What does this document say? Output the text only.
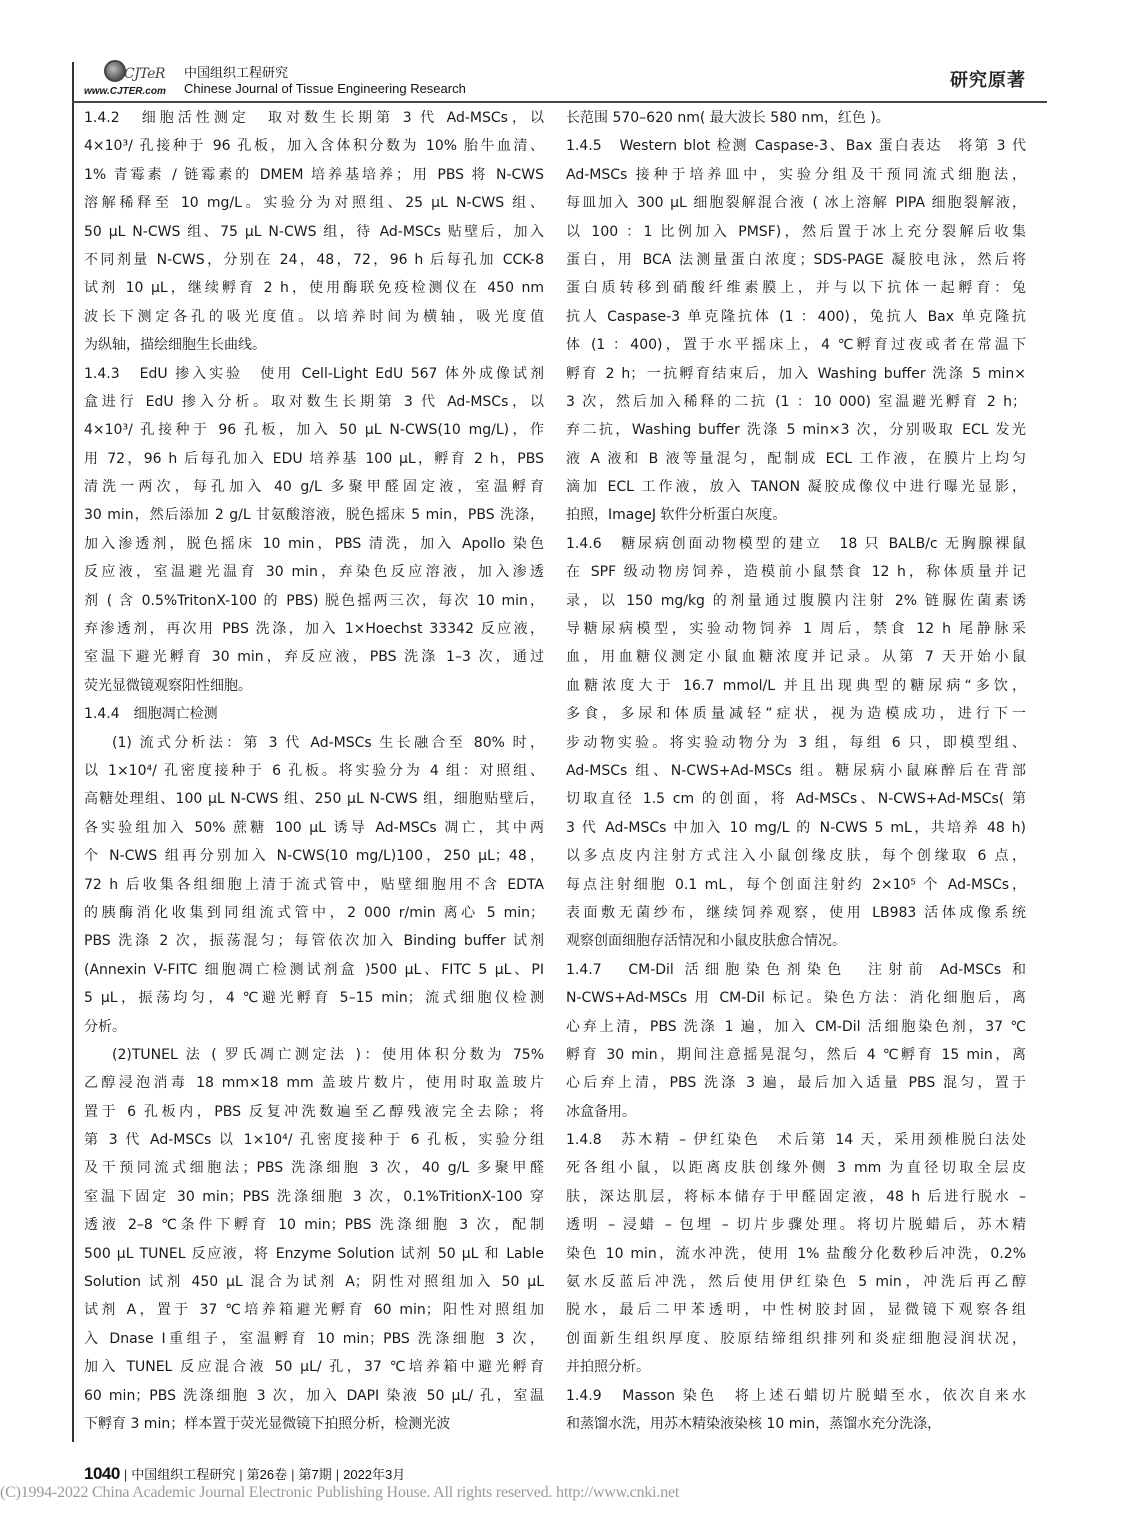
CJTeR
www.CJTER.com
中国组织工程研究
Chinese Journal of Tissue Engineering Research	研究原著
1.4.2　细胞活性测定　取对数生长期第 3 代 Ad-MSCs，以
4×10³/ 孔接种于 96 孔板，加入含体积分数为 10% 胎牛血清、
1% 青霉素 / 链霉素的 DMEM 培养基培养；用 PBS 将 N-CWS
溶解稀释至 10 mg/L。实验分为对照组、25 μL N-CWS 组、
50 μL N-CWS 组、75 μL N-CWS 组，待 Ad-MSCs 贴壁后，加入
不同剂量 N-CWS，分别在 24，48，72，96 h 后每孔加 CCK-8
试剂 10 μL，继续孵育 2 h，使用酶联免疫检测仪在 450 nm
波长下测定各孔的吸光度值。以培养时间为横轴，吸光度值
为纵轴，描绘细胞生长曲线。
1.4.3　EdU 掺入实验　使用 Cell-Light EdU 567 体外成像试剂
盒进行 EdU 掺入分析。取对数生长期第 3 代 Ad-MSCs，以
4×10³/ 孔接种于 96 孔板，加入 50 μL N-CWS(10 mg/L)，作
用 72，96 h 后每孔加入 EDU 培养基 100 μL，孵育 2 h，PBS
清洗一两次，每孔加入 40 g/L 多聚甲醛固定液，室温孵育
30 min，然后添加 2 g/L 甘氨酸溶液，脱色摇床 5 min，PBS 洗涤，
加入渗透剂，脱色摇床 10 min，PBS 清洗，加入 Apollo 染色
反应液，室温避光温育 30 min，弃染色反应溶液，加入渗透
剂 ( 含 0.5%TritonX-100 的 PBS) 脱色摇两三次，每次 10 min，
弃渗透剂，再次用 PBS 洗涤，加入 1×Hoechst 33342 反应液，
室温下避光孵育 30 min，弃反应液，PBS 洗涤 1–3 次，通过
荧光显微镜观察阳性细胞。
1.4.4　细胞凋亡检测
(1) 流式分析法：第 3 代 Ad-MSCs 生长融合至 80% 时，
以 1×10⁴/ 孔密度接种于 6 孔板。将实验分为 4 组：对照组、
高糖处理组、100 μL N-CWS 组、250 μL N-CWS 组，细胞贴壁后，
各实验组加入 50% 蔗糖 100 μL 诱导 Ad-MSCs 凋亡，其中两
个 N-CWS 组再分别加入 N-CWS(10 mg/L)100，250 μL；48，
72 h 后收集各组细胞上清于流式管中，贴壁细胞用不含 EDTA
的胰酶消化收集到同组流式管中，2 000 r/min 离心 5 min；
PBS 洗涤 2 次，振荡混匀；每管依次加入 Binding buffer 试剂
(Annexin V-FITC 细胞凋亡检测试剂盒 )500 μL、FITC 5 μL、PI
5 μL，振荡均匀，4 ℃避光孵育 5–15 min；流式细胞仪检测
分析。
(2)TUNEL 法 ( 罗氏凋亡测定法 )：使用体积分数为 75%
乙醇浸泡消毒 18 mm×18 mm 盖玻片数片，使用时取盖玻片
置于 6 孔板内，PBS 反复冲洗数遍至乙醇残液完全去除；将
第 3 代 Ad-MSCs 以 1×10⁴/ 孔密度接种于 6 孔板，实验分组
及干预同流式细胞法；PBS 洗涤细胞 3 次，40 g/L 多聚甲醛
室温下固定 30 min；PBS 洗涤细胞 3 次，0.1%TritionX-100 穿
透液 2–8 ℃条件下孵育 10 min；PBS 洗涤细胞 3 次，配制
500 μL TUNEL 反应液，将 Enzyme Solution 试剂 50 μL 和 Lable
Solution 试剂 450 μL 混合为试剂 A；阴性对照组加入 50 μL
试剂 A，置于 37 ℃培养箱避光孵育 60 min；阳性对照组加
入 Dnase Ⅰ重组子，室温孵育 10 min；PBS 洗涤细胞 3 次，
加入 TUNEL 反应混合液 50 μL/ 孔，37 ℃培养箱中避光孵育
60 min；PBS 洗涤细胞 3 次，加入 DAPI 染液 50 μL/ 孔，室温
下孵育 3 min；样本置于荧光显微镜下拍照分析，检测光波
长范围 570–620 nm( 最大波长 580 nm，红色 )。
1.4.5　Western blot 检测 Caspase-3、Bax 蛋白表达　将第 3 代
Ad-MSCs 接种于培养皿中，实验分组及干预同流式细胞法，
每皿加入 300 μL 细胞裂解混合液 ( 冰上溶解 PIPA 细胞裂解液，
以 100 ：1 比例加入 PMSF)，然后置于冰上充分裂解后收集
蛋白，用 BCA 法测量蛋白浓度；SDS-PAGE 凝胶电泳，然后将
蛋白质转移到硝酸纤维素膜上，并与以下抗体一起孵育：兔
抗人 Caspase-3 单克隆抗体 (1 ：400)，兔抗人 Bax 单克隆抗
体 (1 ：400)，置于水平摇床上，4 ℃孵育过夜或者在常温下
孵育 2 h；一抗孵育结束后，加入 Washing buffer 洗涤 5 min×
3 次，然后加入稀释的二抗 (1 ：10 000) 室温避光孵育 2 h；
弃二抗，Washing buffer 洗涤 5 min×3 次，分别吸取 ECL 发光
液 A 液和 B 液等量混匀，配制成 ECL 工作液，在膜片上均匀
滴加 ECL 工作液，放入 TANON 凝胶成像仪中进行曝光显影，
拍照，ImageJ 软件分析蛋白灰度。
1.4.6　糖尿病创面动物模型的建立　18 只 BALB/c 无胸腺裸鼠
在 SPF 级动物房饲养，造模前小鼠禁食 12 h，称体质量并记
录，以 150 mg/kg 的剂量通过腹膜内注射 2% 链脲佐菌素诱
导糖尿病模型，实验动物饲养 1 周后，禁食 12 h 尾静脉采
血，用血糖仪测定小鼠血糖浓度并记录。从第 7 天开始小鼠
血糖浓度大于 16.7 mmol/L 并且出现典型的糖尿病“多饮，
多食，多尿和体质量减轻”症状，视为造模成功，进行下一
步动物实验。将实验动物分为 3 组，每组 6 只，即模型组、
Ad-MSCs 组、N-CWS+Ad-MSCs 组。糖尿病小鼠麻醉后在背部
切取直径 1.5 cm 的创面，将 Ad-MSCs、N-CWS+Ad-MSCs( 第
3 代 Ad-MSCs 中加入 10 mg/L 的 N-CWS 5 mL，共培养 48 h)
以多点皮内注射方式注入小鼠创缘皮肤，每个创缘取 6 点，
每点注射细胞 0.1 mL，每个创面注射约 2×10⁵ 个 Ad-MSCs，
表面敷无菌纱布，继续饲养观察，使用 LB983 活体成像系统
观察创面细胞存活情况和小鼠皮肤愈合情况。
1.4.7　CM-Dil 活细胞染色剂染色　注射前 Ad-MSCs 和
N-CWS+Ad-MSCs 用 CM-Dil 标记。染色方法：消化细胞后，离
心弃上清，PBS 洗涤 1 遍，加入 CM-Dil 活细胞染色剂，37 ℃
孵育 30 min，期间注意摇晃混匀，然后 4 ℃孵育 15 min，离
心后弃上清，PBS 洗涤 3 遍，最后加入适量 PBS 混匀，置于
冰盒备用。
1.4.8　苏木精 – 伊红染色　术后第 14 天，采用颈椎脱臼法处
死各组小鼠，以距离皮肤创缘外侧 3 mm 为直径切取全层皮
肤，深达肌层，将标本储存于甲醛固定液，48 h 后进行脱水 –
透明 – 浸蜡 – 包埋 – 切片步骤处理。将切片脱蜡后，苏木精
染色 10 min，流水冲洗，使用 1% 盐酸分化数秒后冲洗，0.2%
氨水反蓝后冲洗，然后使用伊红染色 5 min，冲洗后再乙醇
脱水，最后二甲苯透明，中性树胶封固，显微镜下观察各组
创面新生组织厚度、胶原结缔组织排列和炎症细胞浸润状况，
并拍照分析。
1.4.9　Masson 染色　将上述石蜡切片脱蜡至水，依次自来水
和蒸馏水洗，用苏木精染液染核 10 min，蒸馏水充分洗涤，
1040 | 中国组织工程研究 | 第26卷 | 第7期 | 2022年3月
(C)1994-2022 China Academic Journal Electronic Publishing House. All rights reserved. http://www.cnki.net
